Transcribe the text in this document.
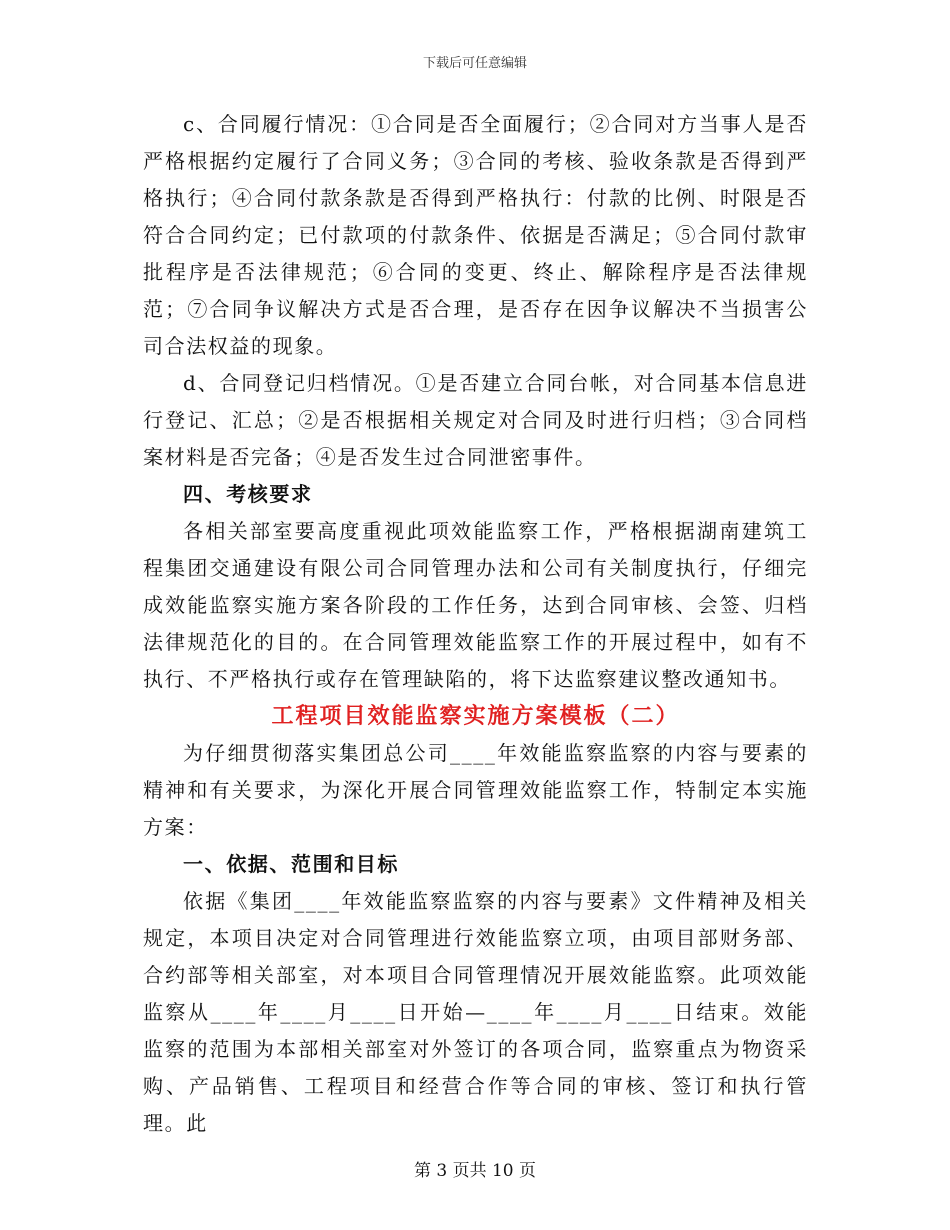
下载后可任意编辑

c、合同履行情况：①合同是否全面履行；②合同对方当事人是否严格根据约定履行了合同义务；③合同的考核、验收条款是否得到严格执行；④合同付款条款是否得到严格执行：付款的比例、时限是否符合合同约定；已付款项的付款条件、依据是否满足；⑤合同付款审批程序是否法律规范；⑥合同的变更、终止、解除程序是否法律规范；⑦合同争议解决方式是否合理，是否存在因争议解决不当损害公司合法权益的现象。

d、合同登记归档情况。①是否建立合同台帐，对合同基本信息进行登记、汇总；②是否根据相关规定对合同及时进行归档；③合同档案材料是否完备；④是否发生过合同泄密事件。

四、考核要求

各相关部室要高度重视此项效能监察工作，严格根据湖南建筑工程集团交通建设有限公司合同管理办法和公司有关制度执行，仔细完成效能监察实施方案各阶段的工作任务，达到合同审核、会签、归档法律规范化的目的。在合同管理效能监察工作的开展过程中，如有不执行、不严格执行或存在管理缺陷的，将下达监察建议整改通知书。

工程项目效能监察实施方案模板（二）

为仔细贯彻落实集团总公司____年效能监察监察的内容与要素的精神和有关要求，为深化开展合同管理效能监察工作，特制定本实施方案：

一、依据、范围和目标

依据《集团____年效能监察监察的内容与要素》文件精神及相关规定，本项目决定对合同管理进行效能监察立项，由项目部财务部、合约部等相关部室，对本项目合同管理情况开展效能监察。此项效能监察从____年____月____日开始—____年____月____日结束。效能监察的范围为本部相关部室对外签订的各项合同，监察重点为物资采购、产品销售、工程项目和经营合作等合同的审核、签订和执行管理。此

第 3 页共 10 页
